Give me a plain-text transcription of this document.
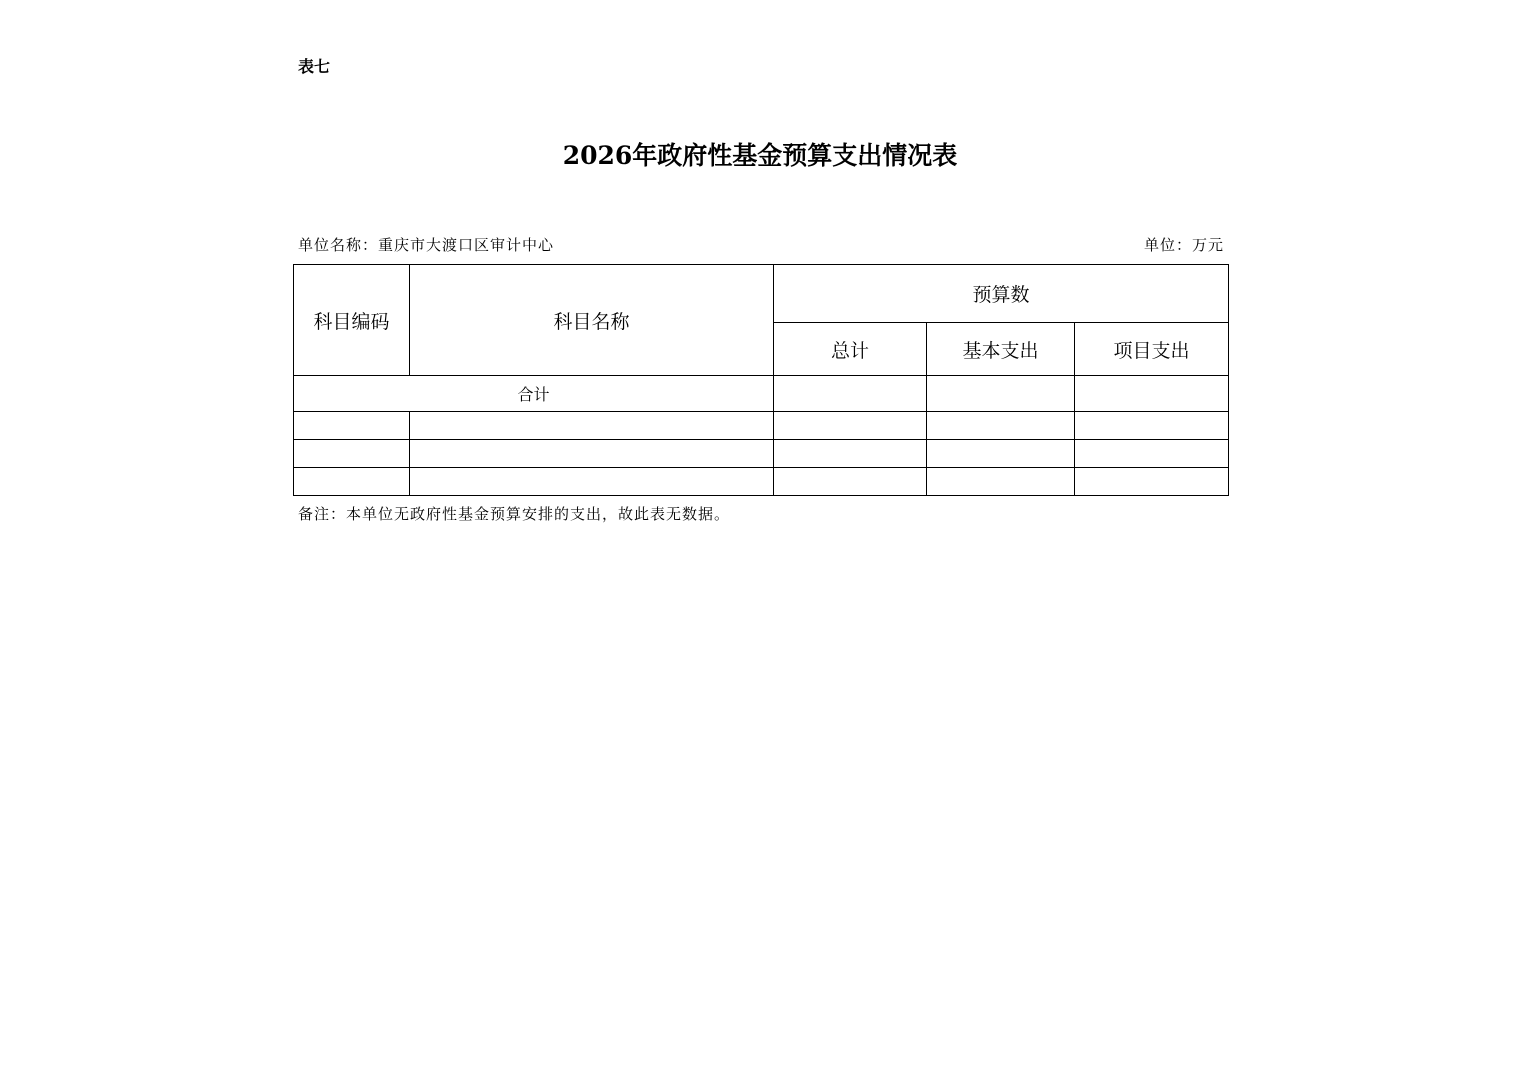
表七
2026年政府性基金预算支出情况表
单位名称：重庆市大渡口区审计中心	单位：万元
科目编码	科目名称	预算数		
		总计	基本支出	项目支出
合计				

备注：本单位无政府性基金预算安排的支出，故此表无数据。
